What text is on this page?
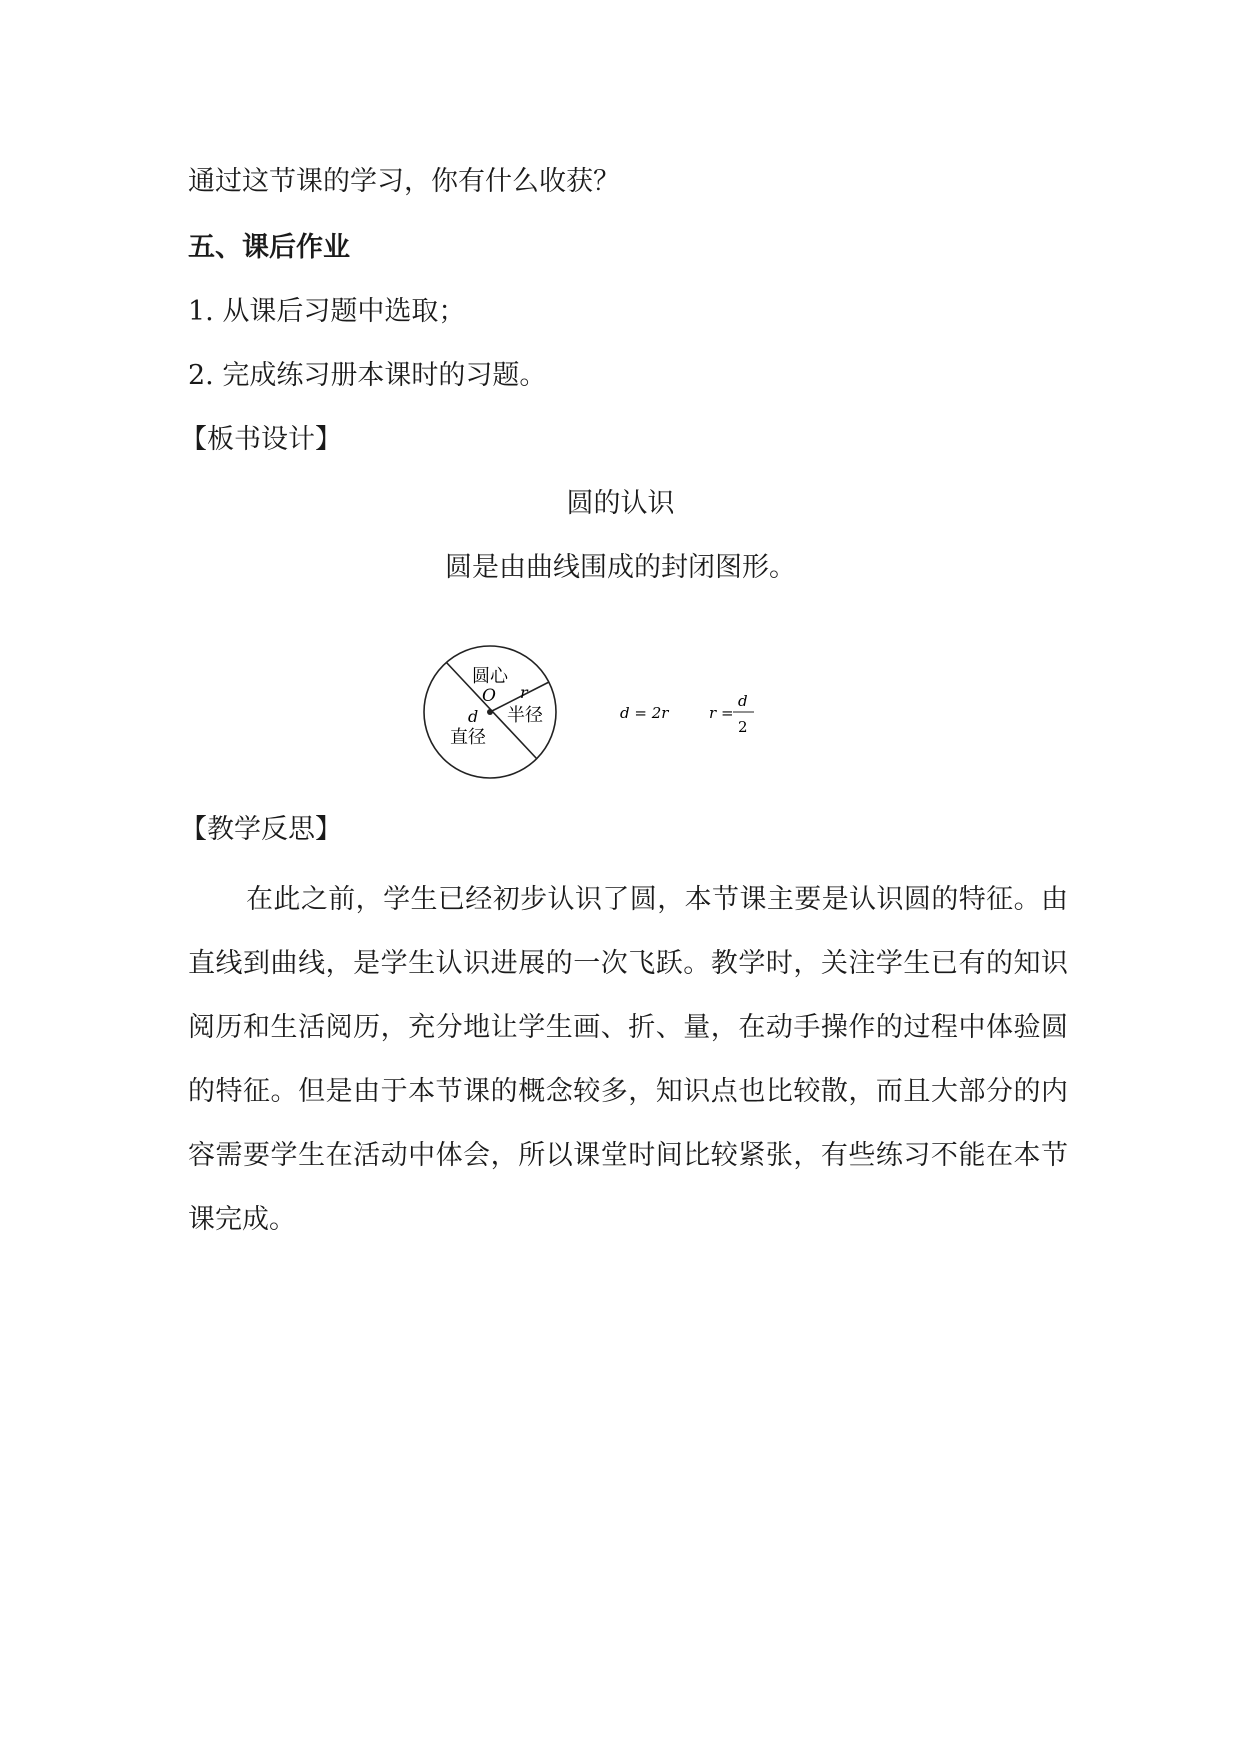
通过这节课的学习，你有什么收获？
五、课后作业
1. 从课后习题中选取；
2. 完成练习册本课时的习题。
【板书设计】
圆的认识
圆是由曲线围成的封闭图形。
圆心
O r
半径
d
直径
d = 2r	r =
d
2
【教学反思】
在此之前，学生已经初步认识了圆，本节课主要是认识圆的特征。由直线到曲线，是学生认识进展的一次飞跃。教学时，关注学生已有的知识阅历和生活阅历，充分地让学生画、折、量，在动手操作的过程中体验圆的特征。但是由于本节课的概念较多，知识点也比较散，而且大部分的内容需要学生在活动中体会，所以课堂时间比较紧张，有些练习不能在本节课完成。
